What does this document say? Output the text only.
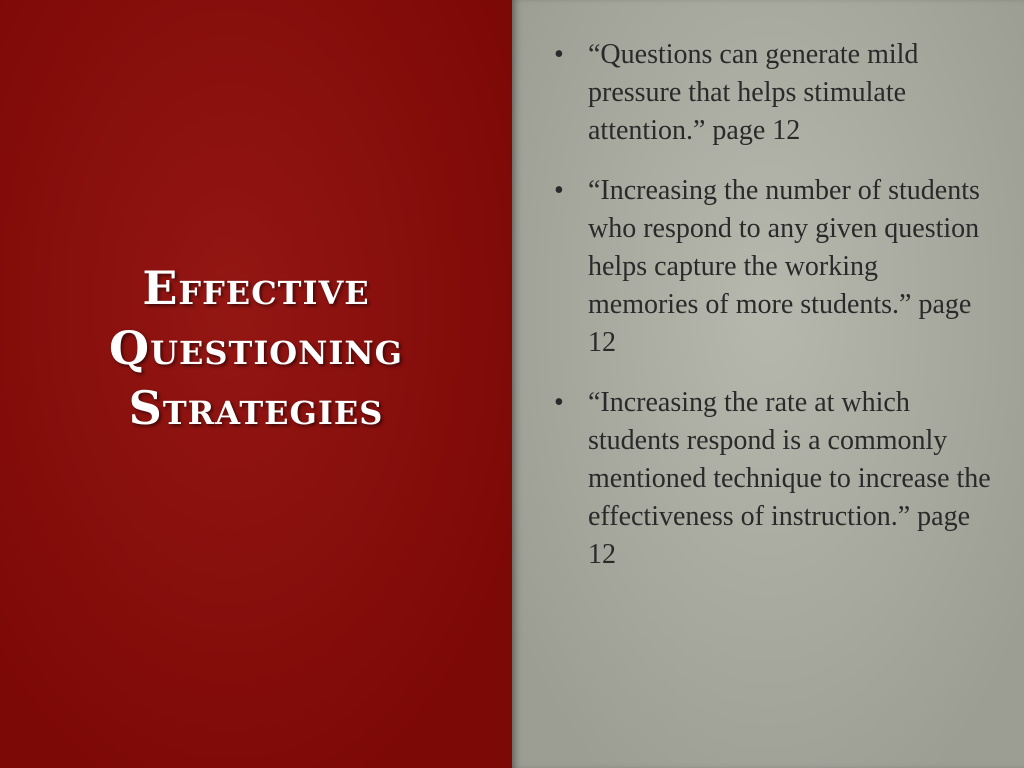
Effective
Questioning
Strategies
• “Questions can generate mild pressure that helps stimulate attention.” page 12
• “Increasing the number of students who respond to any given question helps capture the working memories of more students.” page 12
• “Increasing the rate at which students respond is a commonly mentioned technique to increase the effectiveness of instruction.” page 12
